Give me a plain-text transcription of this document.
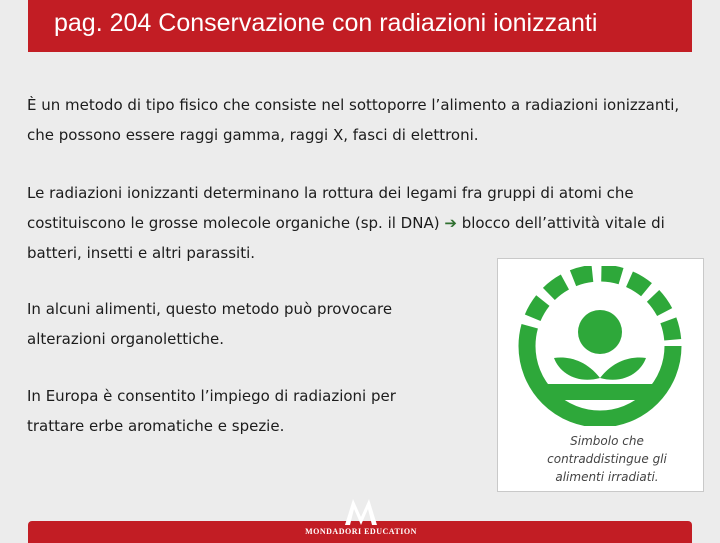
pag. 204 Conservazione con radiazioni ionizzanti

È un metodo di tipo fisico che consiste nel sottoporre l’alimento a radiazioni ionizzanti, che possono essere raggi gamma, raggi X, fasci di elettroni.

Le radiazioni ionizzanti determinano la rottura dei legami fra gruppi di atomi che costituiscono le grosse molecole organiche (sp. il DNA) ➔ blocco dell’attività vitale di batteri, insetti e altri parassiti.

In alcuni alimenti, questo metodo può provocare alterazioni organolettiche.

In Europa è consentito l’impiego di radiazioni per trattare erbe aromatiche e spezie.

Simbolo che
contraddistingue gli
alimenti irradiati.
MONDADORI EDUCATION
